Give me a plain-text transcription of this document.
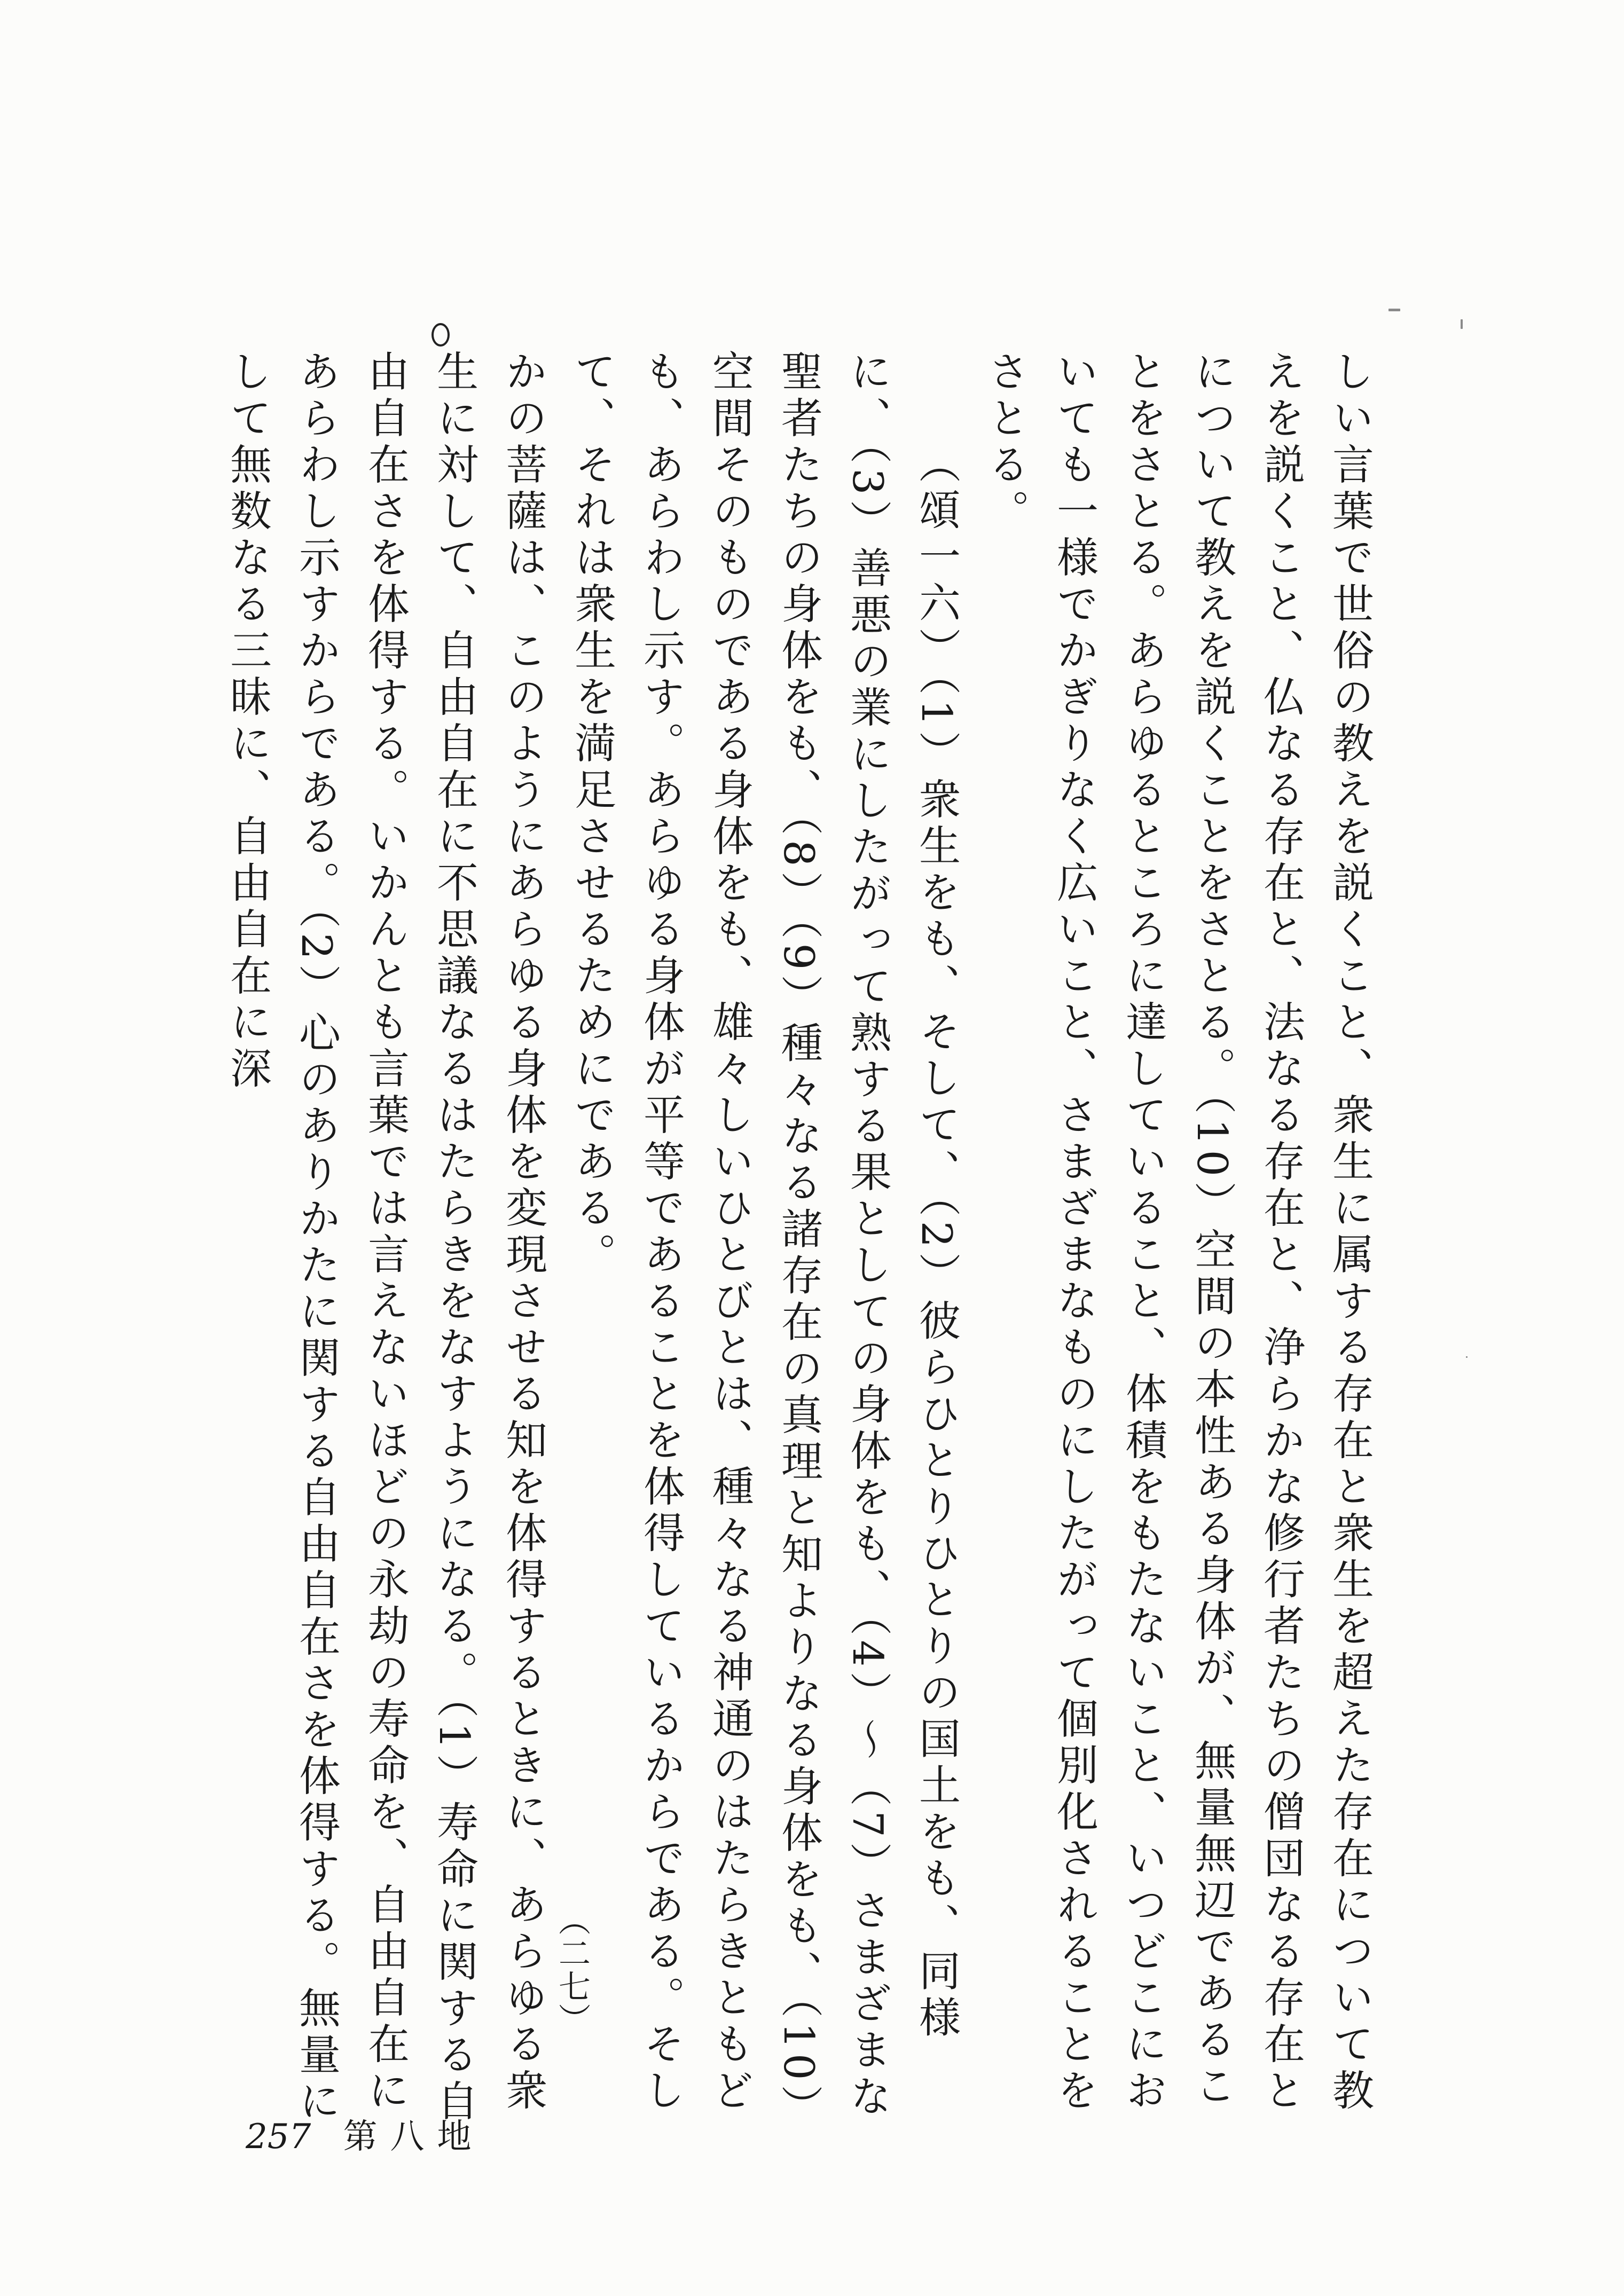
しい言葉で世俗の教えを説くこと、衆生に属する存在と衆生を超えた存在について教えを説くこと、仏なる存在と、法なる存在と、浄らかな修行者たちの僧団なる存在とについて教えを説くことをさとる。（10）空間の本性ある身体が、無量無辺であることをさとる。あらゆるところに達していること、体積をもたないこと、いつどこにおいても一様でかぎりなく広いこと、さまざまなものにしたがって個別化されることをさとる。

（頌一六）（1）衆生をも、そして、（2）彼らひとりひとりの国土をも、同様に、（3）善悪の業にしたがって熟する果としての身体をも、（4）〜（7）さまざまな聖者たちの身体をも、（8）（9）種々なる諸存在の真理と知よりなる身体をも、（10）空間そのものである身体をも、雄々しいひとびとは、種々なる神通のはたらきともども、あらわし示す。あらゆる身体が平等であることを体得しているからである。そして、それは衆生を満足させるためにである。

かの菩薩は、このようにあらゆる身体を変現させる知を体得するときに、あらゆる衆生に対して、自由自在に不思議なるはたらきをなすようになる。（1）寿命に関する自由自在さを体得する。いかんとも言葉では言えないほどの永劫の寿命を、自由自在にあらわし示すからである。（2）心のありかたに関する自由自在さを体得する。無量にして無数なる三昧に、自由自在に深

（二七）
257 第八地
